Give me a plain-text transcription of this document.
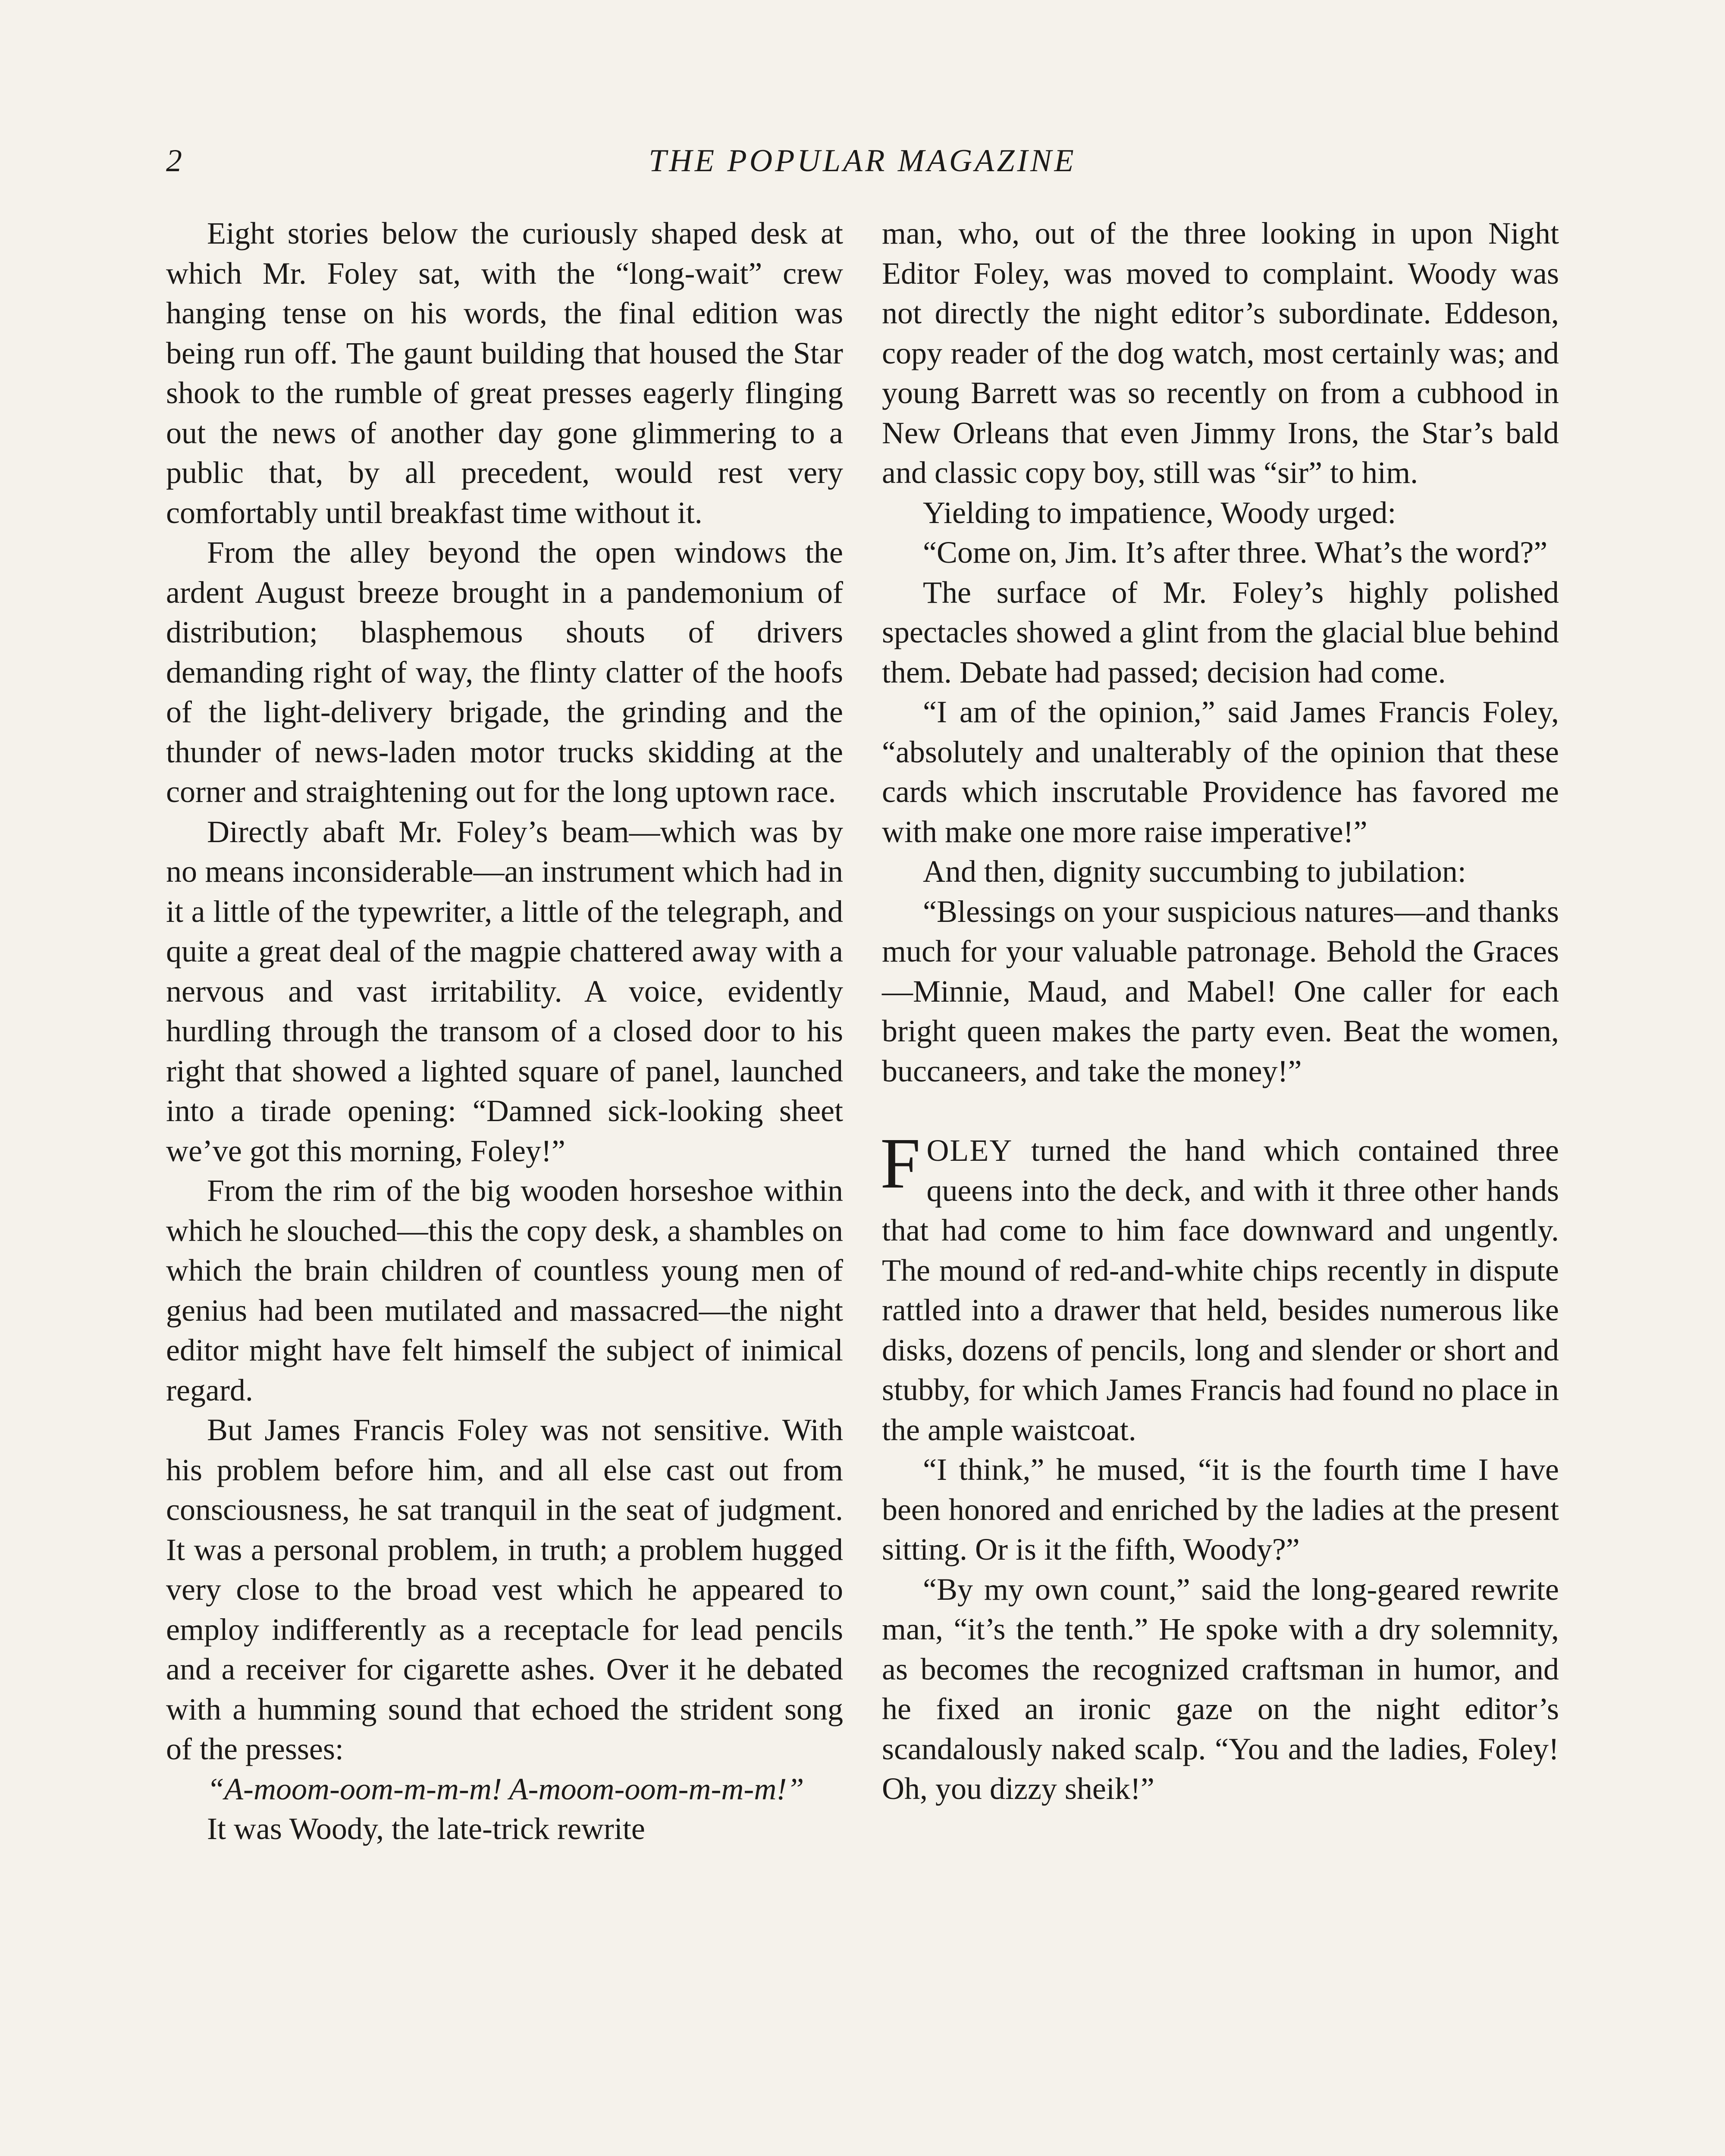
2	THE POPULAR MAGAZINE

Eight stories below the curiously shaped desk at which Mr. Foley sat, with the “long-wait” crew hanging tense on his words, the final edition was being run off. The gaunt building that housed the Star shook to the rumble of great presses eagerly flinging out the news of another day gone glimmering to a public that, by all precedent, would rest very comfortably until breakfast time without it.

From the alley beyond the open windows the ardent August breeze brought in a pandemonium of distribution; blasphemous shouts of drivers demanding right of way, the flinty clatter of the hoofs of the light-delivery brigade, the grinding and the thunder of news-laden motor trucks skidding at the corner and straightening out for the long uptown race.

Directly abaft Mr. Foley’s beam—which was by no means inconsiderable—an instrument which had in it a little of the typewriter, a little of the telegraph, and quite a great deal of the magpie chattered away with a nervous and vast irritability. A voice, evidently hurdling through the transom of a closed door to his right that showed a lighted square of panel, launched into a tirade opening: “Damned sick-looking sheet we’ve got this morning, Foley!”

From the rim of the big wooden horseshoe within which he slouched—this the copy desk, a shambles on which the brain children of countless young men of genius had been mutilated and massacred—the night editor might have felt himself the subject of inimical regard.

But James Francis Foley was not sensitive. With his problem before him, and all else cast out from consciousness, he sat tranquil in the seat of judgment. It was a personal problem, in truth; a problem hugged very close to the broad vest which he appeared to employ indifferently as a receptacle for lead pencils and a receiver for cigarette ashes. Over it he debated with a humming sound that echoed the strident song of the presses:

“A-moom-oom-m-m-m! A-moom-oom-m-m-m!”

It was Woody, the late-trick rewrite

man, who, out of the three looking in upon Night Editor Foley, was moved to complaint. Woody was not directly the night editor’s subordinate. Eddeson, copy reader of the dog watch, most certainly was; and young Barrett was so recently on from a cubhood in New Orleans that even Jimmy Irons, the Star’s bald and classic copy boy, still was “sir” to him.

Yielding to impatience, Woody urged:

“Come on, Jim. It’s after three. What’s the word?”

The surface of Mr. Foley’s highly polished spectacles showed a glint from the glacial blue behind them. Debate had passed; decision had come.

“I am of the opinion,” said James Francis Foley, “absolutely and unalterably of the opinion that these cards which inscrutable Providence has favored me with make one more raise imperative!”

And then, dignity succumbing to jubilation:

“Blessings on your suspicious natures—and thanks much for your valuable patronage. Behold the Graces—Minnie, Maud, and Mabel! One caller for each bright queen makes the party even. Beat the women, buccaneers, and take the money!”

FOLEY turned the hand which contained three queens into the deck, and with it three other hands that had come to him face downward and ungently. The mound of red-and-white chips recently in dispute rattled into a drawer that held, besides numerous like disks, dozens of pencils, long and slender or short and stubby, for which James Francis had found no place in the ample waistcoat.

“I think,” he mused, “it is the fourth time I have been honored and enriched by the ladies at the present sitting. Or is it the fifth, Woody?”

“By my own count,” said the long-geared rewrite man, “it’s the tenth.” He spoke with a dry solemnity, as becomes the recognized craftsman in humor, and he fixed an ironic gaze on the night editor’s scandalously naked scalp. “You and the ladies, Foley! Oh, you dizzy sheik!”
